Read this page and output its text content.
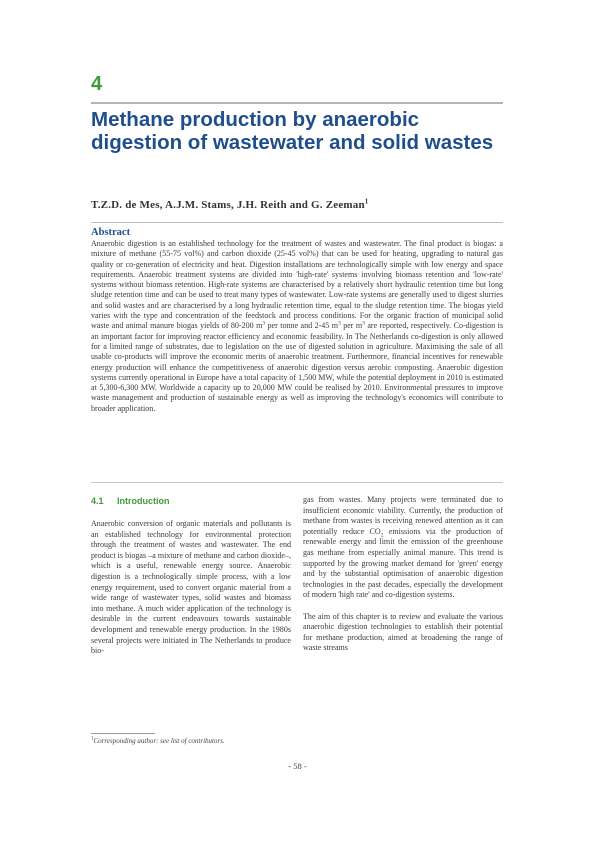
4
Methane production by anaerobic digestion of wastewater and solid wastes
T.Z.D. de Mes, A.J.M. Stams, J.H. Reith and G. Zeeman$^1$
Abstract

Anaerobic digestion is an established technology for the treatment of wastes and wastewater. The final product is biogas: a mixture of methane (55-75 vol%) and carbon dioxide (25-45 vol%) that can be used for heating, upgrading to natural gas quality or co-generation of electricity and heat. Digestion installations are technologically simple with low energy and space requirements. Anaerobic treatment systems are divided into 'high-rate' systems involving biomass retention and 'low-rate' systems without biomass retention. High-rate systems are characterised by a relatively short hydraulic retention time but long sludge retention time and can be used to treat many types of wastewater. Low-rate systems are generally used to digest slurries and solid wastes and are characterised by a long hydraulic retention time, equal to the sludge retention time. The biogas yield varies with the type and concentration of the feedstock and process conditions. For the organic fraction of municipal solid waste and animal manure biogas yields of 80-200 $m^3$ per tonne and 2-45 $m^3$ per $m^3$ are reported, respectively. Co-digestion is an important factor for improving reactor efficiency and economic feasibility. In The Netherlands co-digestion is only allowed for a limited range of substrates, due to legislation on the use of digested solution in agriculture. Maximising the sale of all usable co-products will improve the economic merits of anaerobic treatment. Furthermore, financial incentives for renewable energy production will enhance the competitiveness of anaerobic digestion versus aerobic composting. Anaerobic digestion systems currently operational in Europe have a total capacity of 1,500 MW, while the potential deployment in 2010 is estimated at 5,300-6,300 MW. Worldwide a capacity up to 20,000 MW could be realised by 2010. Environmental pressures to improve waste management and production of sustainable energy as well as improving the technology's economics will contribute to broader application.

4.1 Introduction

Anaerobic conversion of organic materials and pollutants is an established technology for environmental protection through the treatment of wastes and wastewater. The end product is biogas –a mixture of methane and carbon dioxide–, which is a useful, renewable energy source. Anaerobic digestion is a technologically simple process, with a low energy requirement, used to convert organic material from a wide range of wastewater types, solid wastes and biomass into methane. A much wider application of the technology is desirable in the current endeavours towards sustainable development and renewable energy production. In the 1980s several projects were initiated in The Netherlands to produce bio-

gas from wastes. Many projects were terminated due to insufficient economic viability. Currently, the production of methane from wastes is receiving renewed attention as it can potentially reduce $CO_2$ emissions via the production of renewable energy and limit the emission of the greenhouse gas methane from especially animal manure. This trend is supported by the growing market demand for 'green' energy and by the substantial optimisation of anaerobic digestion technologies in the past decades, especially the development of modern 'high rate' and co-digestion systems.

The aim of this chapter is to review and evaluate the various anaerobic digestion technologies to establish their potential for methane production, aimed at broadening the range of waste streams

$^1$Corresponding author: see list of contributors.
- 58 -
